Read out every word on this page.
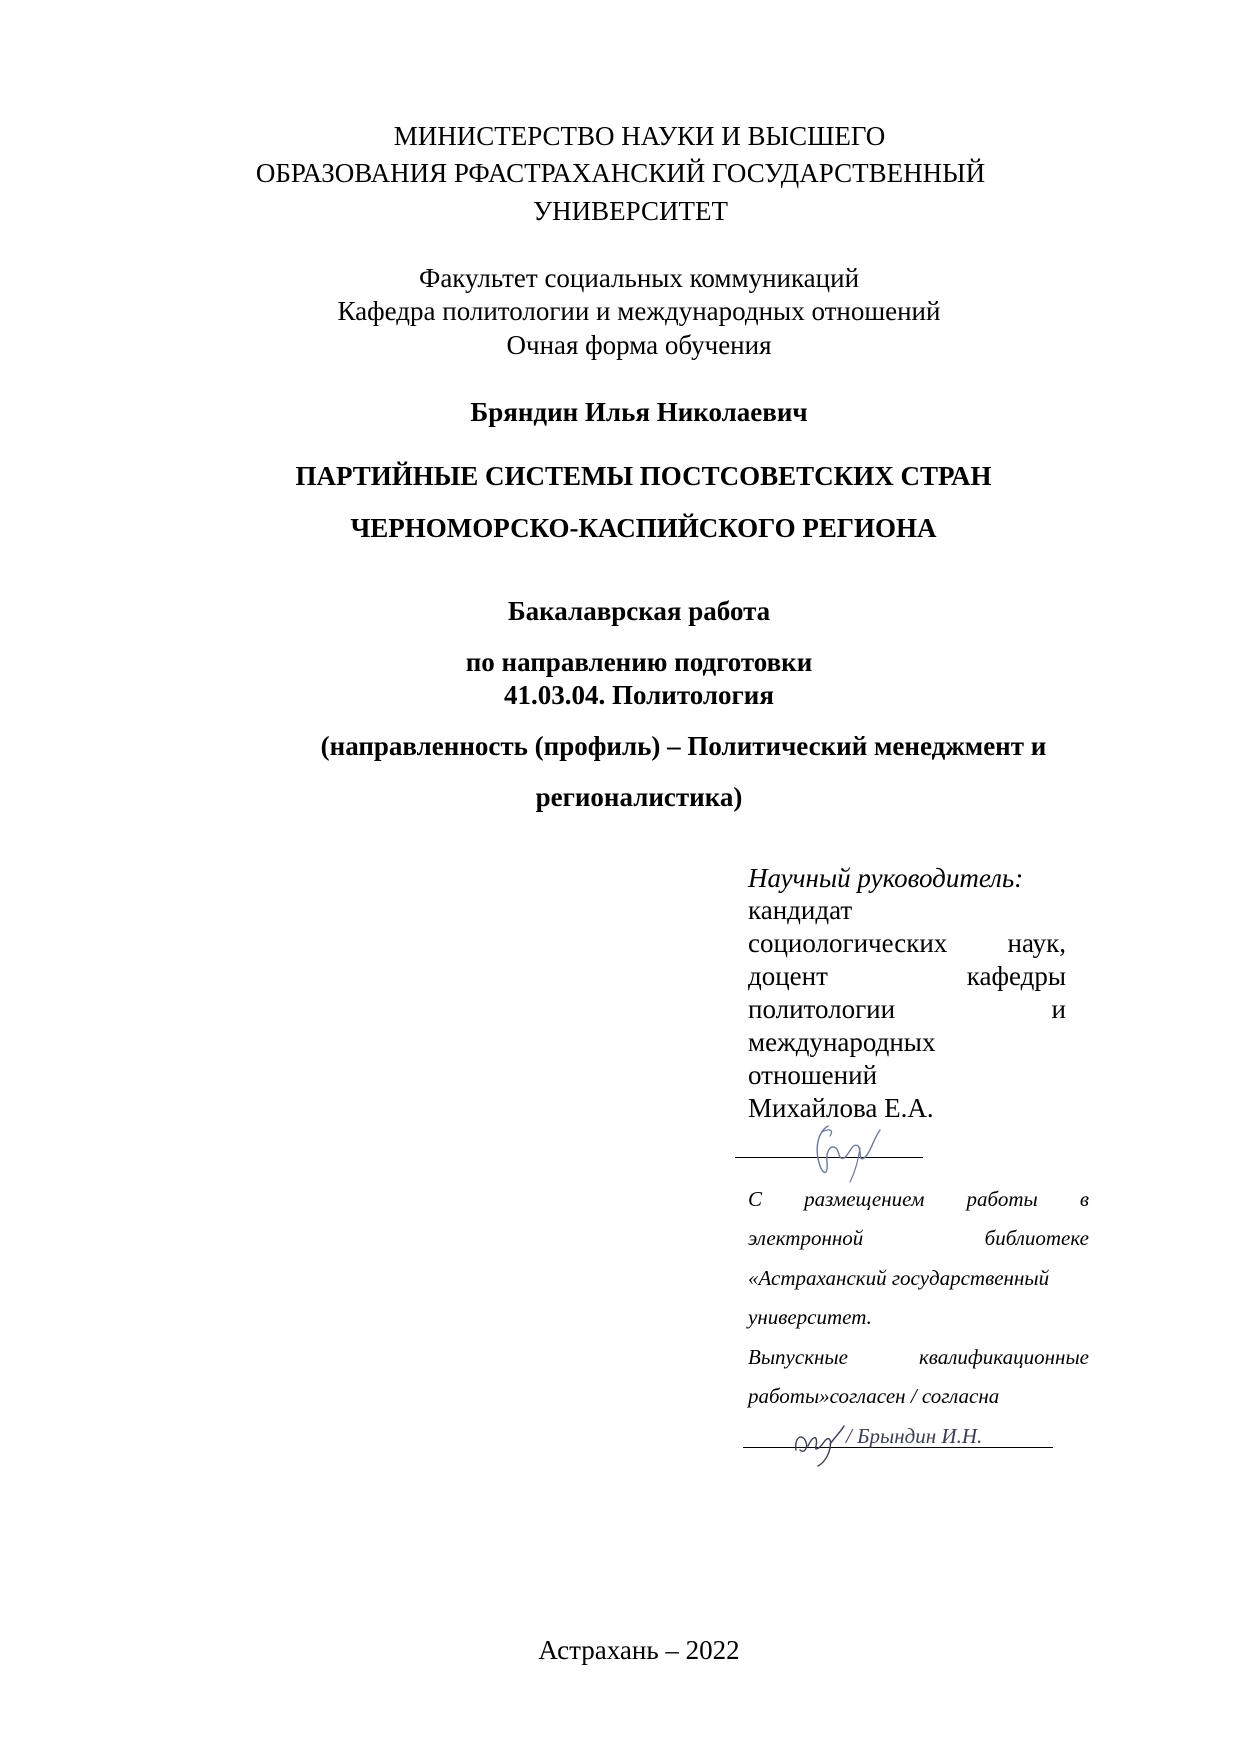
МИНИСТЕРСТВО НАУКИ И ВЫСШЕГО
ОБРАЗОВАНИЯ РФАСТРАХАНСКИЙ ГОСУДАРСТВЕННЫЙ
УНИВЕРСИТЕТ
Факультет социальных коммуникаций
Кафедра политологии и международных отношений
Очная форма обучения
Бряндин Илья Николаевич
ПАРТИЙНЫЕ СИСТЕМЫ ПОСТСОВЕТСКИХ СТРАН
ЧЕРНОМОРСКО-КАСПИЙСКОГО РЕГИОНА
Бакалаврская работа
по направлению подготовки
41.03.04. Политология
(направленность (профиль) – Политический менеджмент и
регионалистика)
Научный руководитель:
кандидат
социологических наук,
доцент кафедры
политологии и
международных
отношений
Михайлова Е.А.
С размещением работы в
электронной библиотеке
«Астраханский государственный
университет.
Выпускные квалификационные
работы»согласен / согласна
/ Брындин И.Н.
Астрахань – 2022
